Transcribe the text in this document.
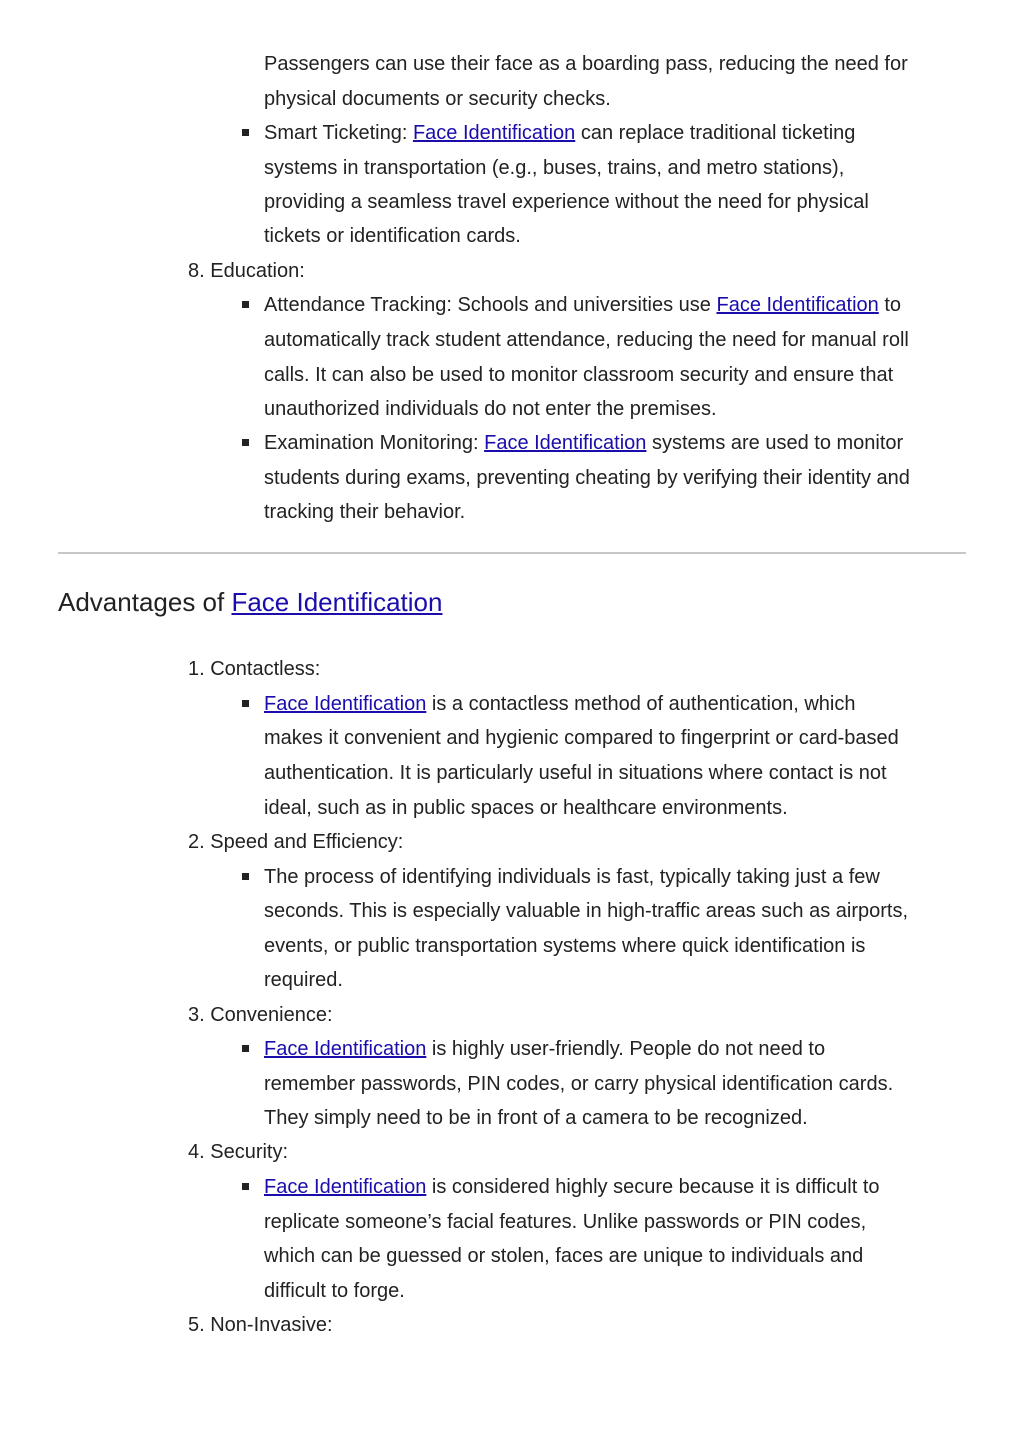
Passengers can use their face as a boarding pass, reducing the need for
physical documents or security checks.
Smart Ticketing: Face Identification can replace traditional ticketing
systems in transportation (e.g., buses, trains, and metro stations),
providing a seamless travel experience without the need for physical
tickets or identification cards.
8. Education:
Attendance Tracking: Schools and universities use Face Identification to
automatically track student attendance, reducing the need for manual roll
calls. It can also be used to monitor classroom security and ensure that
unauthorized individuals do not enter the premises.
Examination Monitoring: Face Identification systems are used to monitor
students during exams, preventing cheating by verifying their identity and
tracking their behavior.
Advantages of Face Identification
1. Contactless:
Face Identification is a contactless method of authentication, which
makes it convenient and hygienic compared to fingerprint or card-based
authentication. It is particularly useful in situations where contact is not
ideal, such as in public spaces or healthcare environments.
2. Speed and Efficiency:
The process of identifying individuals is fast, typically taking just a few
seconds. This is especially valuable in high-traffic areas such as airports,
events, or public transportation systems where quick identification is
required.
3. Convenience:
Face Identification is highly user-friendly. People do not need to
remember passwords, PIN codes, or carry physical identification cards.
They simply need to be in front of a camera to be recognized.
4. Security:
Face Identification is considered highly secure because it is difficult to
replicate someone’s facial features. Unlike passwords or PIN codes,
which can be guessed or stolen, faces are unique to individuals and
difficult to forge.
5. Non-Invasive:
